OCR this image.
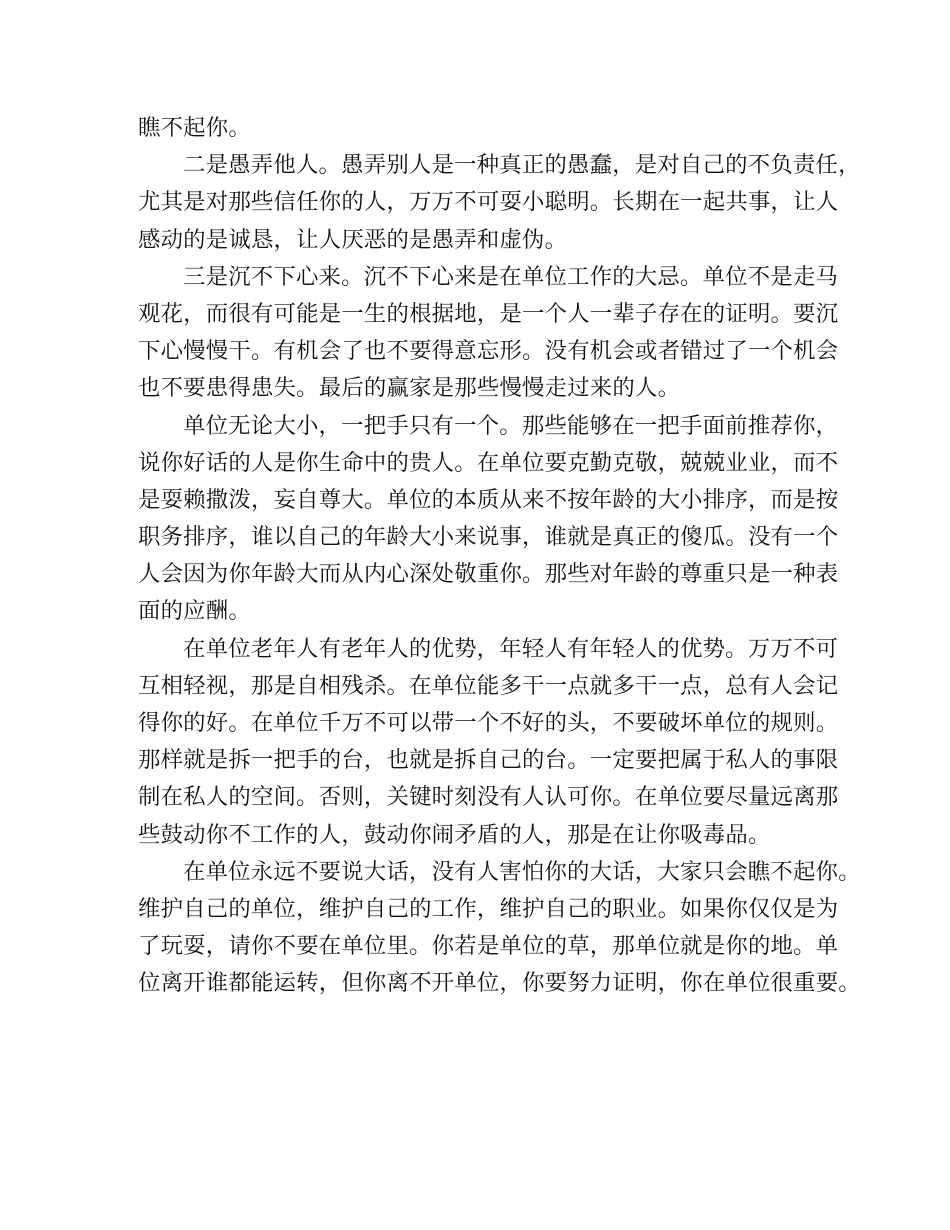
瞧不起你。
二是愚弄他人。愚弄别人是一种真正的愚蠢，是对自己的不负责任，
尤其是对那些信任你的人，万万不可耍小聪明。长期在一起共事，让人
感动的是诚恳，让人厌恶的是愚弄和虚伪。
三是沉不下心来。沉不下心来是在单位工作的大忌。单位不是走马
观花，而很有可能是一生的根据地，是一个人一辈子存在的证明。要沉
下心慢慢干。有机会了也不要得意忘形。没有机会或者错过了一个机会
也不要患得患失。最后的赢家是那些慢慢走过来的人。
单位无论大小，一把手只有一个。那些能够在一把手面前推荐你，
说你好话的人是你生命中的贵人。在单位要克勤克敬，兢兢业业，而不
是耍赖撒泼，妄自尊大。单位的本质从来不按年龄的大小排序，而是按
职务排序，谁以自己的年龄大小来说事，谁就是真正的傻瓜。没有一个
人会因为你年龄大而从内心深处敬重你。那些对年龄的尊重只是一种表
面的应酬。
在单位老年人有老年人的优势，年轻人有年轻人的优势。万万不可
互相轻视，那是自相残杀。在单位能多干一点就多干一点，总有人会记
得你的好。在单位千万不可以带一个不好的头，不要破坏单位的规则。
那样就是拆一把手的台，也就是拆自己的台。一定要把属于私人的事限
制在私人的空间。否则，关键时刻没有人认可你。在单位要尽量远离那
些鼓动你不工作的人，鼓动你闹矛盾的人，那是在让你吸毒品。
在单位永远不要说大话，没有人害怕你的大话，大家只会瞧不起你。
维护自己的单位，维护自己的工作，维护自己的职业。如果你仅仅是为
了玩耍，请你不要在单位里。你若是单位的草，那单位就是你的地。单
位离开谁都能运转，但你离不开单位，你要努力证明，你在单位很重要。
